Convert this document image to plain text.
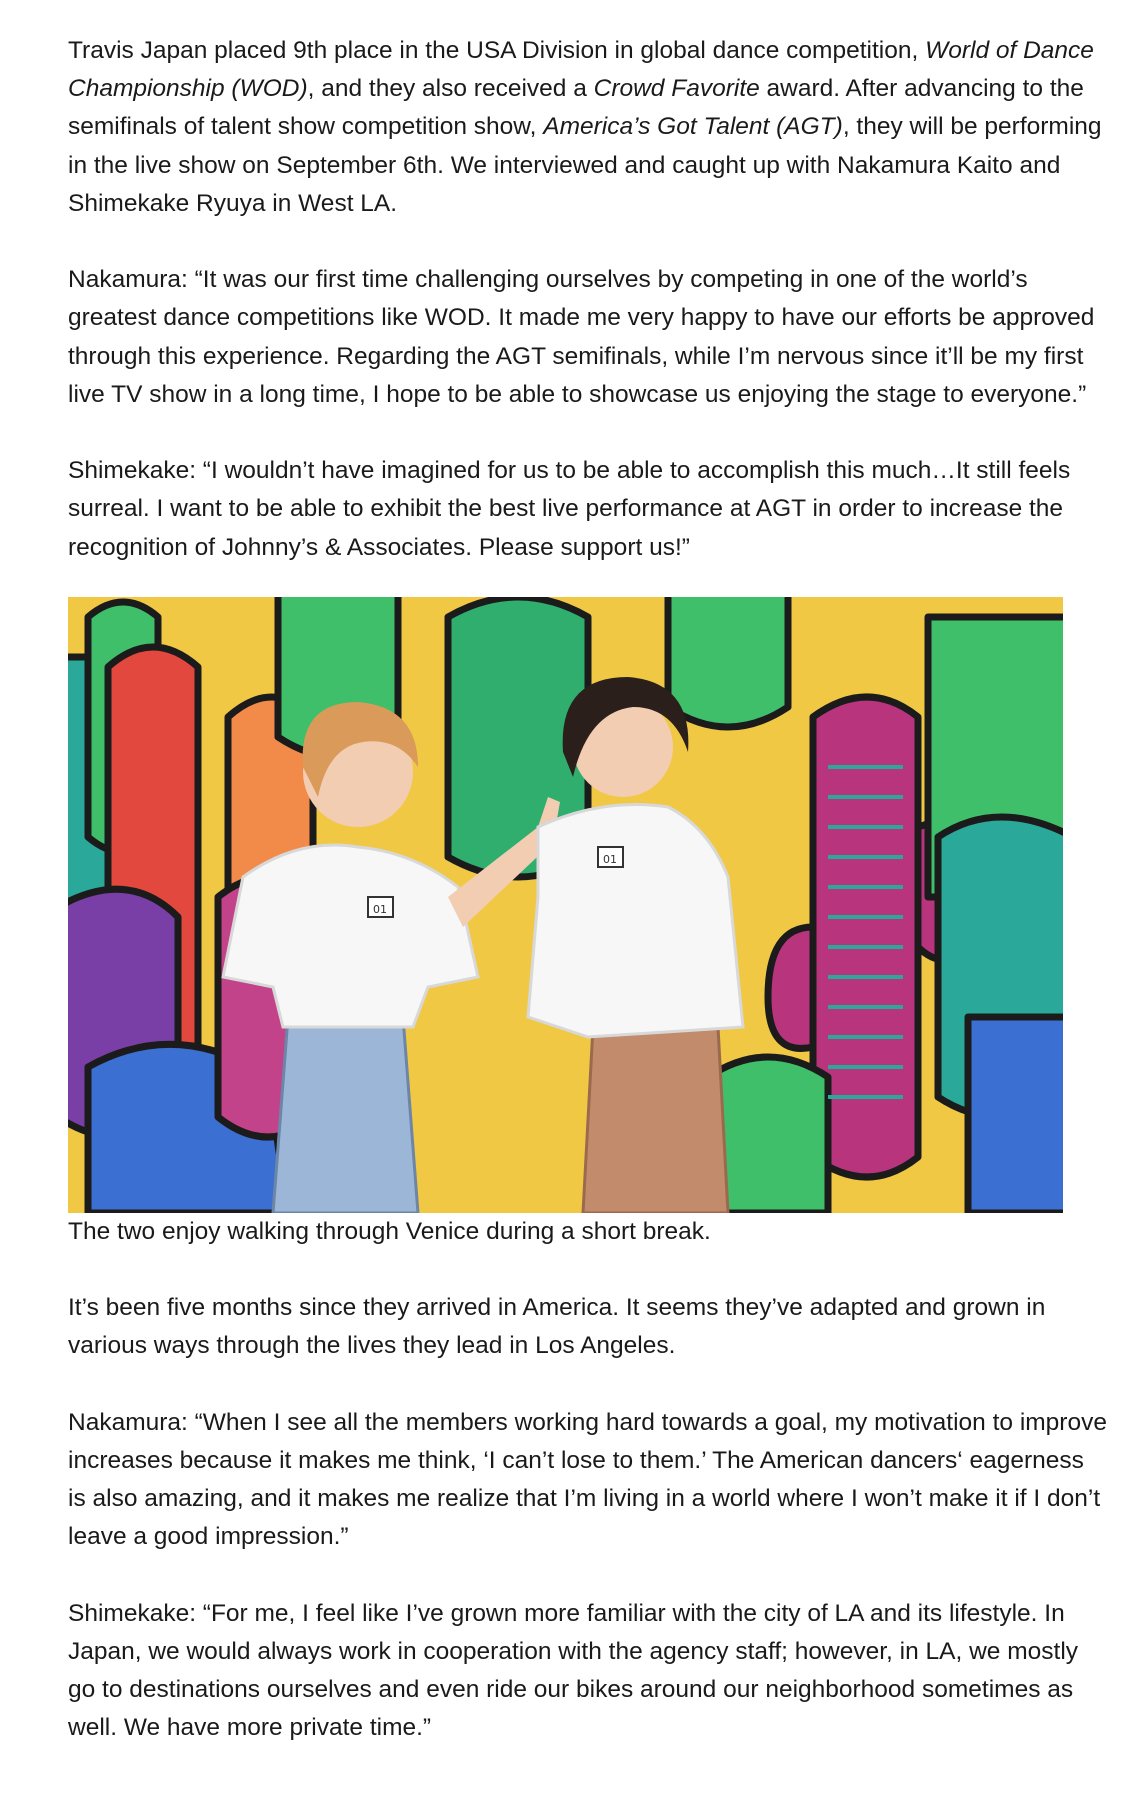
Travis Japan placed 9th place in the USA Division in global dance competition, World of Dance Championship (WOD), and they also received a Crowd Favorite award. After advancing to the semifinals of talent show competition show, America’s Got Talent (AGT), they will be performing in the live show on September 6th. We interviewed and caught up with Nakamura Kaito and Shimekake Ryuya in West LA.

Nakamura: “It was our first time challenging ourselves by competing in one of the world’s greatest dance competitions like WOD. It made me very happy to have our efforts be approved through this experience. Regarding the AGT semifinals, while I’m nervous since it’ll be my first live TV show in a long time, I hope to be able to showcase us enjoying the stage to everyone.”

Shimekake: “I wouldn’t have imagined for us to be able to accomplish this much…It still feels surreal. I want to be able to exhibit the best live performance at AGT in order to increase the recognition of Johnny’s & Associates. Please support us!”

01
01

The two enjoy walking through Venice during a short break.

It’s been five months since they arrived in America. It seems they’ve adapted and grown in various ways through the lives they lead in Los Angeles.

Nakamura: “When I see all the members working hard towards a goal, my motivation to improve increases because it makes me think, ‘I can’t lose to them.’ The American dancers‘ eagerness is also amazing, and it makes me realize that I’m living in a world where I won’t make it if I don’t leave a good impression.”

Shimekake: “For me, I feel like I’ve grown more familiar with the city of LA and its lifestyle. In Japan, we would always work in cooperation with the agency staff; however, in LA, we mostly go to destinations ourselves and even ride our bikes around our neighborhood sometimes as well. We have more private time.”
